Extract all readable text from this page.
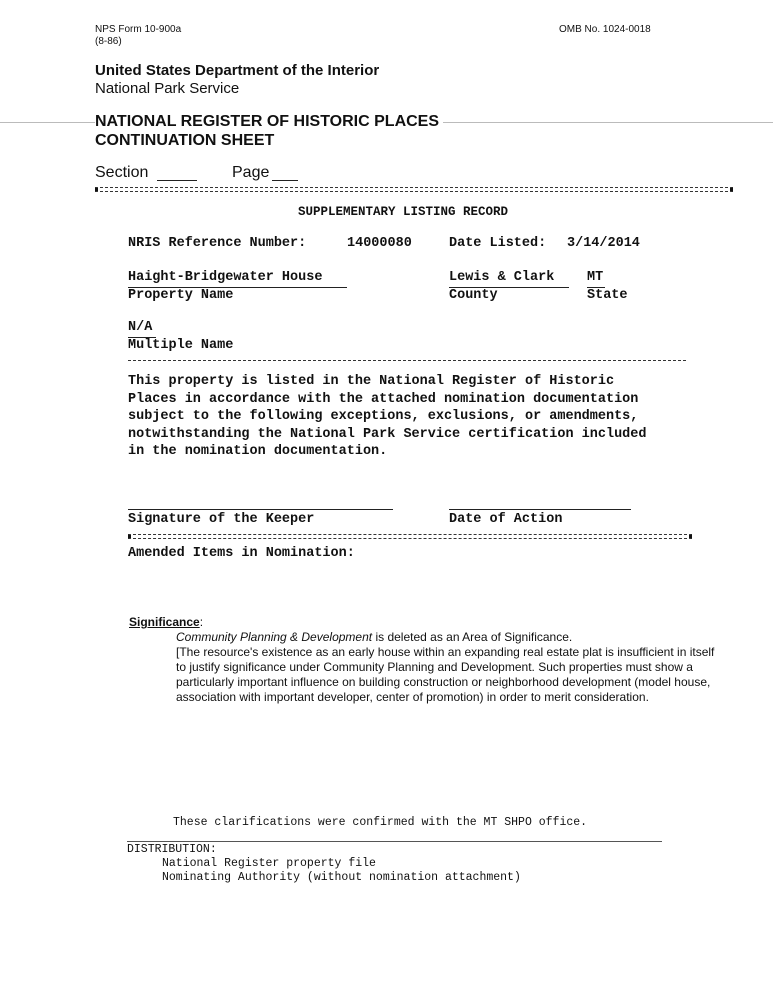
NPS Form 10-900a
(8-86)
OMB No. 1024-0018
United States Department of the Interior
National Park Service
NATIONAL REGISTER OF HISTORIC PLACES
CONTINUATION SHEET
Section	Page
SUPPLEMENTARY LISTING RECORD
NRIS Reference Number:	14000080	Date Listed: 3/14/2014
Haight-Bridgewater House
Property Name
Lewis & Clark
County
MT
State
N/A
Multiple Name
This property is listed in the National Register of Historic
Places in accordance with the attached nomination documentation
subject to the following exceptions, exclusions, or amendments,
notwithstanding the National Park Service certification included
in the nomination documentation.
Signature of the Keeper	Date of Action
Amended Items in Nomination:
Significance:
Community Planning & Development is deleted as an Area of Significance.
[The resource's existence as an early house within an expanding real estate plat is insufficient in itself to justify significance under Community Planning and Development. Such properties must show a particularly important influence on building construction or neighborhood development (model house, association with important developer, center of promotion) in order to merit consideration.
These clarifications were confirmed with the MT SHPO office.
DISTRIBUTION:
National Register property file
Nominating Authority (without nomination attachment)
